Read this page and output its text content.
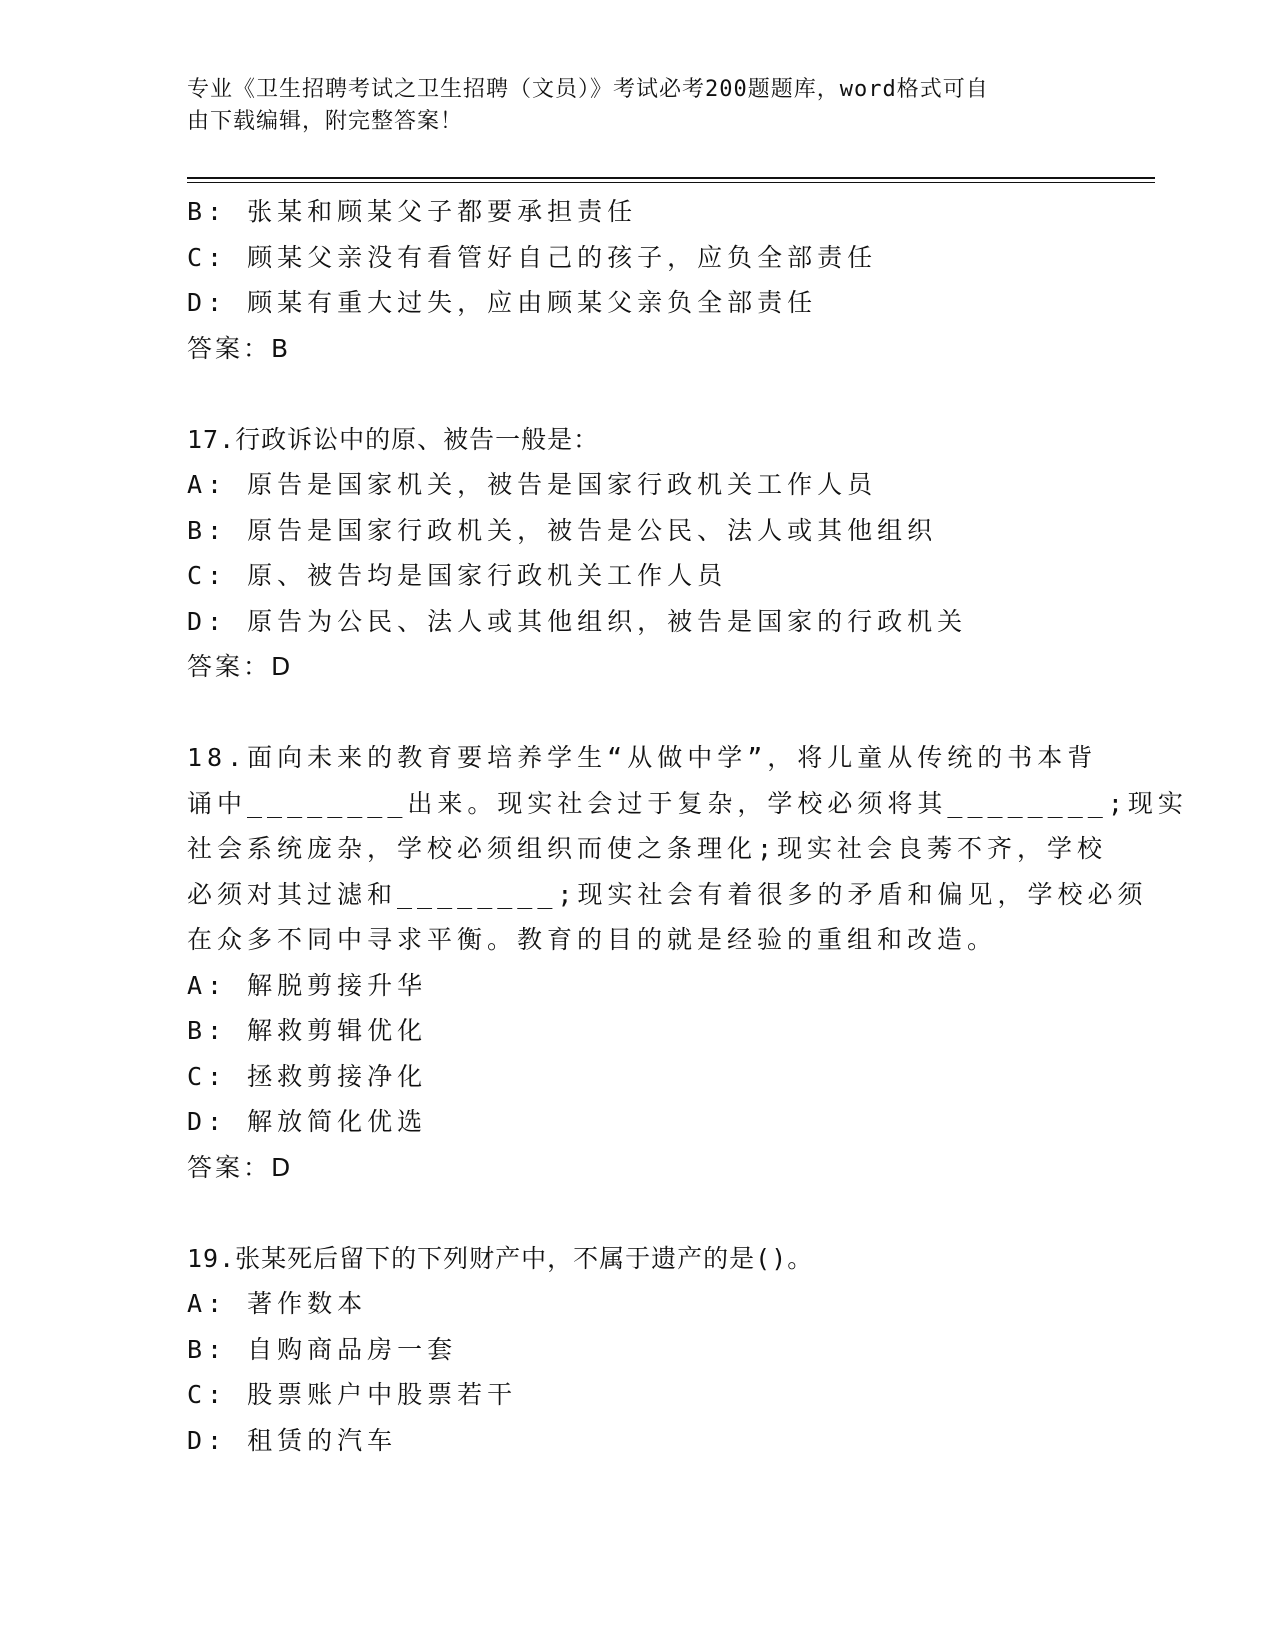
专业《卫生招聘考试之卫生招聘（文员）》考试必考200题题库，word格式可自
由下载编辑，附完整答案！
B: 张某和顾某父子都要承担责任
C: 顾某父亲没有看管好自己的孩子，应负全部责任
D: 顾某有重大过失，应由顾某父亲负全部责任
答案：B
17.行政诉讼中的原、被告一般是：
A: 原告是国家机关，被告是国家行政机关工作人员
B: 原告是国家行政机关，被告是公民、法人或其他组织
C: 原、被告均是国家行政机关工作人员
D: 原告为公民、法人或其他组织，被告是国家的行政机关
答案：D
18.面向未来的教育要培养学生“从做中学”，将儿童从传统的书本背
诵中________出来。现实社会过于复杂，学校必须将其________;现实
社会系统庞杂，学校必须组织而使之条理化;现实社会良莠不齐，学校
必须对其过滤和________;现实社会有着很多的矛盾和偏见，学校必须
在众多不同中寻求平衡。教育的目的就是经验的重组和改造。
A: 解脱剪接升华
B: 解救剪辑优化
C: 拯救剪接净化
D: 解放简化优选
答案：D
19.张某死后留下的下列财产中，不属于遗产的是()。
A: 著作数本
B: 自购商品房一套
C: 股票账户中股票若干
D: 租赁的汽车
